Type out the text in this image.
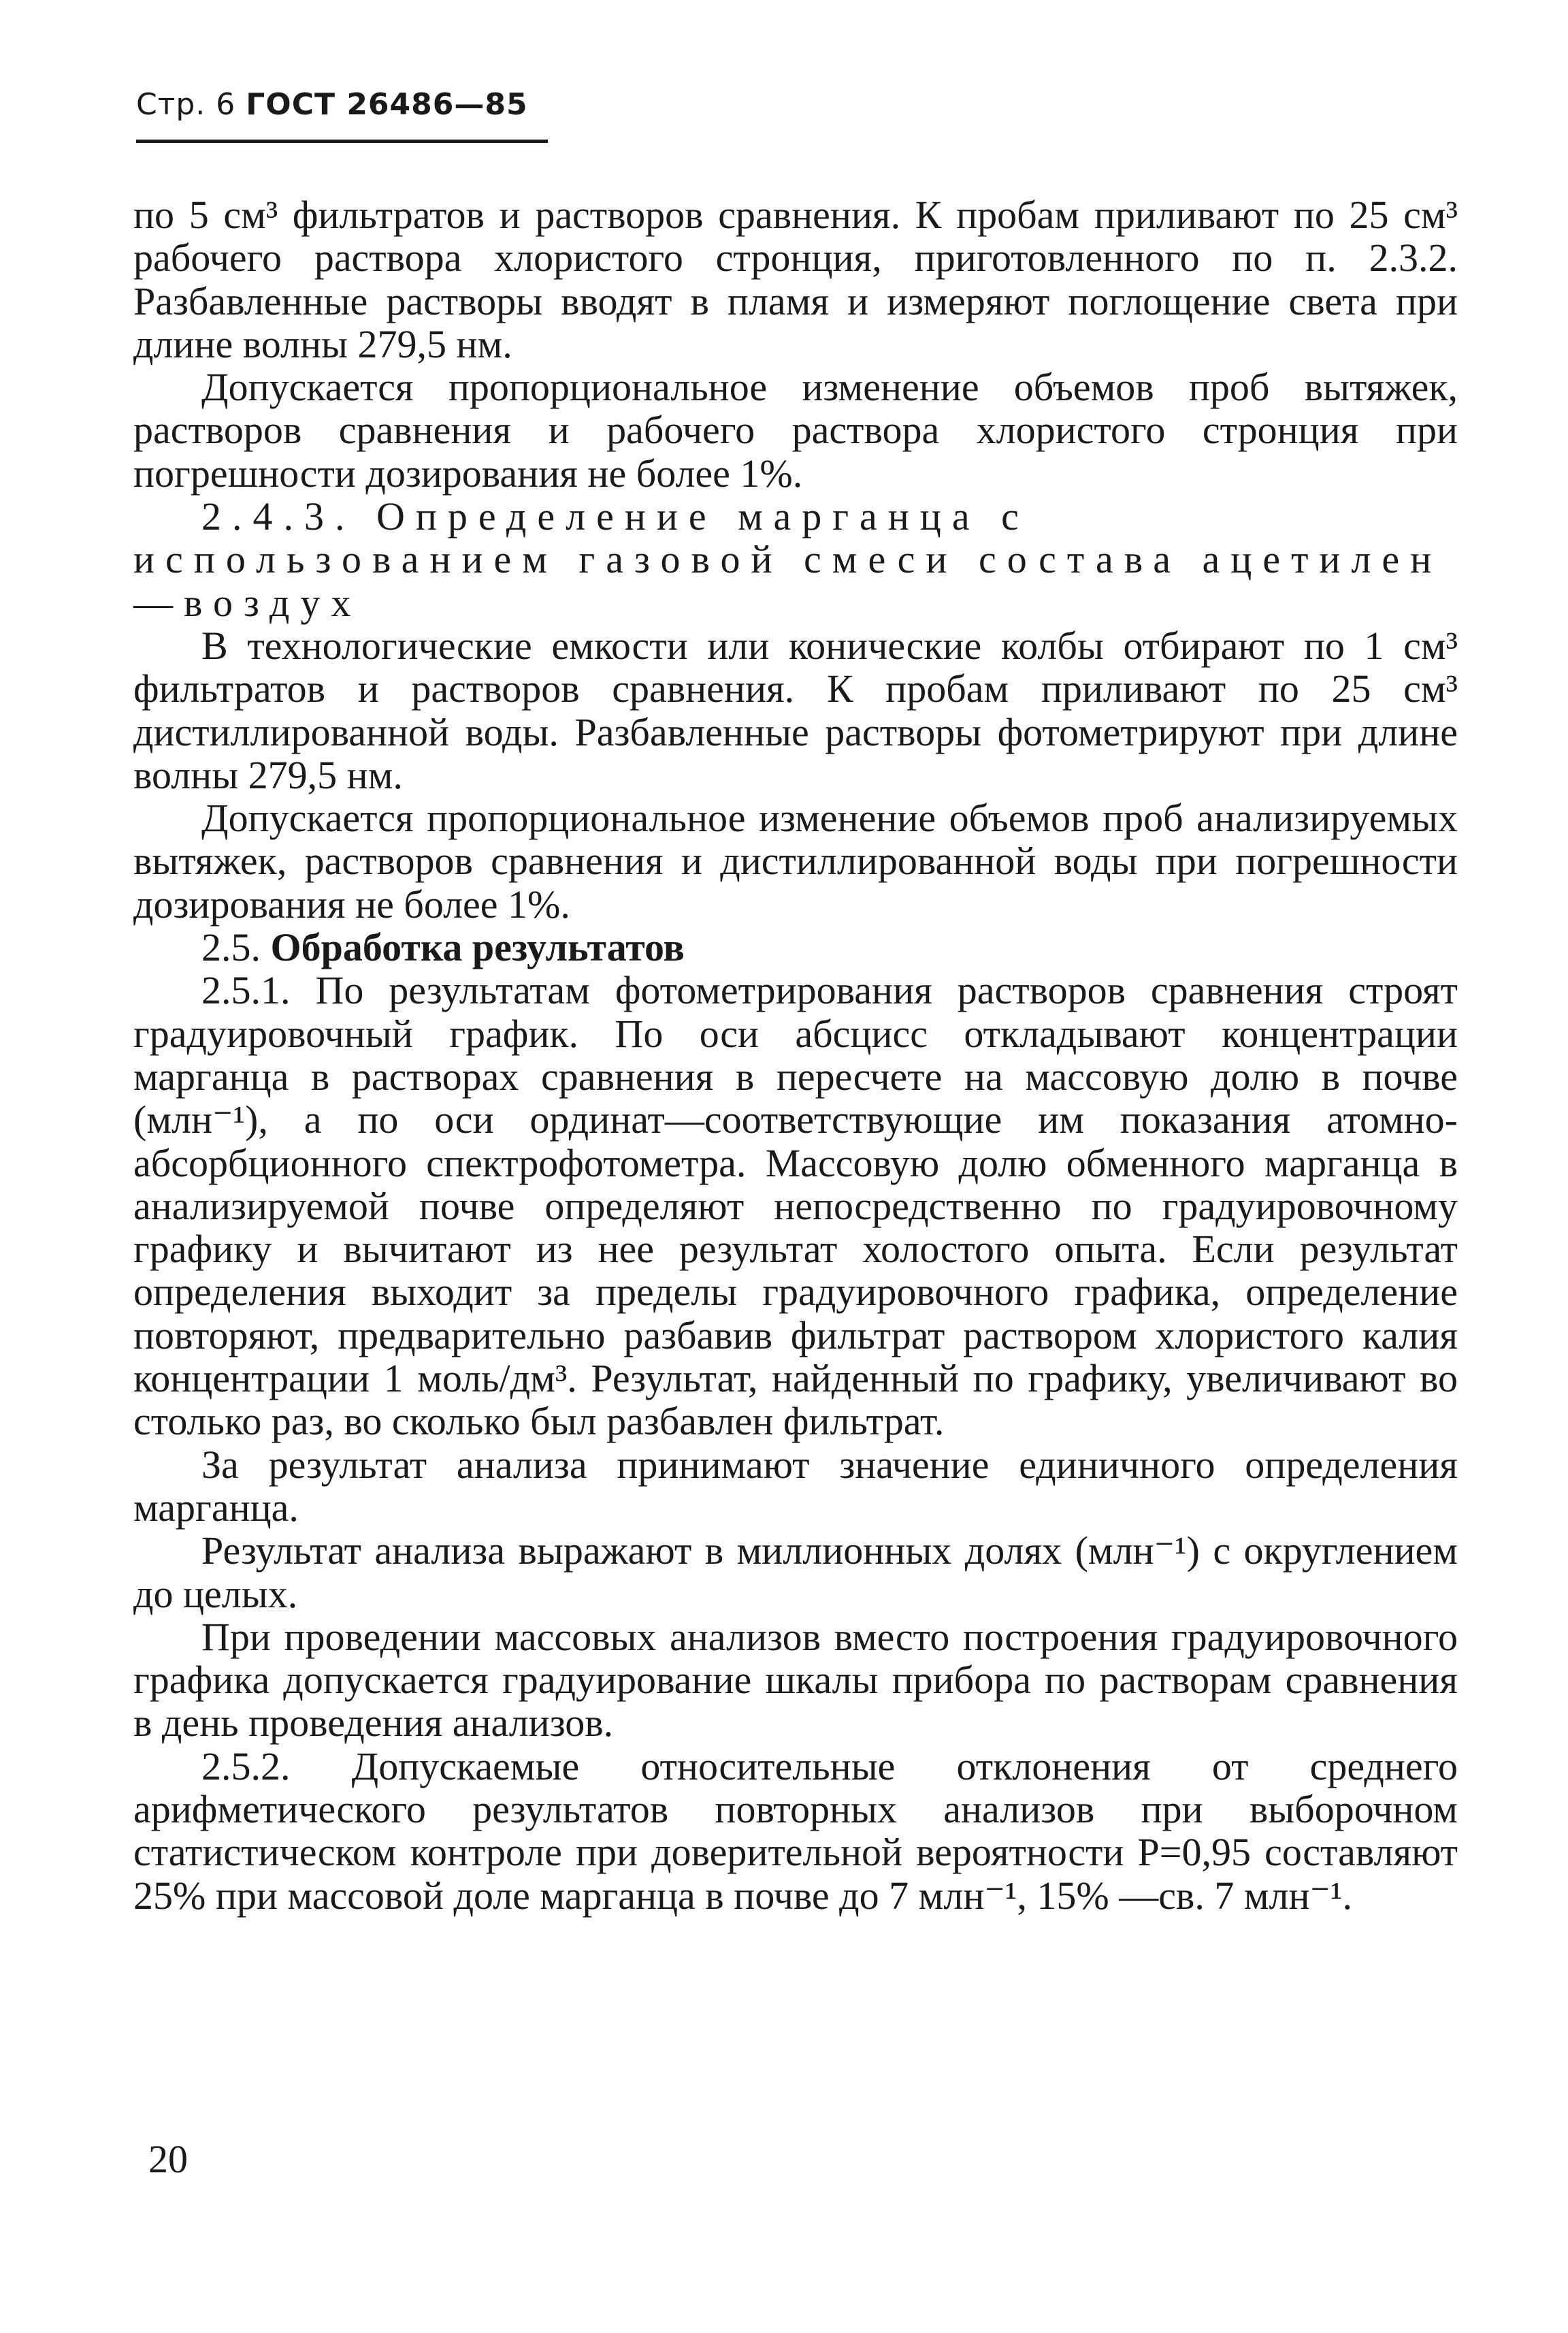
Стр. 6 ГОСТ 26486—85

по 5 см³ фильтратов и растворов сравнения. К пробам приливают по 25 см³ рабочего раствора хлористого стронция, приготовленного по п. 2.3.2. Разбавленные растворы вводят в пламя и измеряют поглощение света при длине волны 279,5 нм.

Допускается пропорциональное изменение объемов проб вытяжек, растворов сравнения и рабочего раствора хлористого стронция при погрешности дозирования не более 1%.

2.4.3. Определение марганца с использованием газовой смеси состава ацетилен—воздух

В технологические емкости или конические колбы отбирают по 1 см³ фильтратов и растворов сравнения. К пробам приливают по 25 см³ дистиллированной воды. Разбавленные растворы фотометрируют при длине волны 279,5 нм.

Допускается пропорциональное изменение объемов проб анализируемых вытяжек, растворов сравнения и дистиллированной воды при погрешности дозирования не более 1%.

2.5. Обработка результатов

2.5.1. По результатам фотометрирования растворов сравнения строят градуировочный график. По оси абсцисс откладывают концентрации марганца в растворах сравнения в пересчете на массовую долю в почве (млн⁻¹), а по оси ординат—соответствующие им показания атомно-абсорбционного спектрофотометра. Массовую долю обменного марганца в анализируемой почве определяют непосредственно по градуировочному графику и вычитают из нее результат холостого опыта. Если результат определения выходит за пределы градуировочного графика, определение повторяют, предварительно разбавив фильтрат раствором хлористого калия концентрации 1 моль/дм³. Результат, найденный по графику, увеличивают во столько раз, во сколько был разбавлен фильтрат.

За результат анализа принимают значение единичного определения марганца.

Результат анализа выражают в миллионных долях (млн⁻¹) с округлением до целых.

При проведении массовых анализов вместо построения градуировочного графика допускается градуирование шкалы прибора по растворам сравнения в день проведения анализов.

2.5.2. Допускаемые относительные отклонения от среднего арифметического результатов повторных анализов при выборочном статистическом контроле при доверительной вероятности P=0,95 составляют 25% при массовой доле марганца в почве до 7 млн⁻¹, 15% —св. 7 млн⁻¹.

20
